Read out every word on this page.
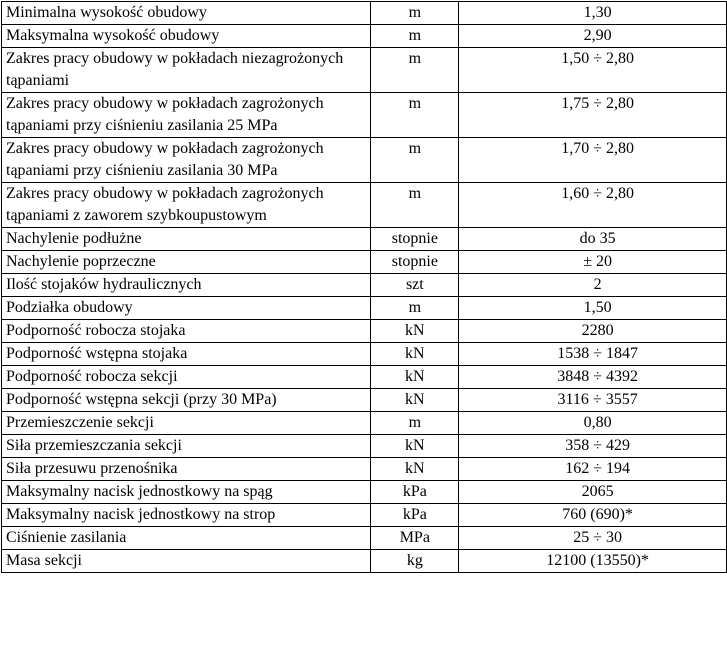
Minimalna wysokość obudowy	m	1,30
Maksymalna wysokość obudowy	m	2,90
Zakres pracy obudowy w pokładach niezagrożonych tąpaniami	m	1,50 ÷ 2,80
Zakres pracy obudowy w pokładach zagrożonych tąpaniami przy ciśnieniu zasilania 25 MPa	m	1,75 ÷ 2,80
Zakres pracy obudowy w pokładach zagrożonych tąpaniami przy ciśnieniu zasilania 30 MPa	m	1,70 ÷ 2,80
Zakres pracy obudowy w pokładach zagrożonych tąpaniami z zaworem szybkoupustowym	m	1,60 ÷ 2,80
Nachylenie podłużne	stopnie	do 35
Nachylenie poprzeczne	stopnie	± 20
Ilość stojaków hydraulicznych	szt	2
Podziałka obudowy	m	1,50
Podporność robocza stojaka	kN	2280
Podporność wstępna stojaka	kN	1538 ÷ 1847
Podporność robocza sekcji	kN	3848 ÷ 4392
Podporność wstępna sekcji (przy 30 MPa)	kN	3116 ÷ 3557
Przemieszczenie sekcji	m	0,80
Siła przemieszczania sekcji	kN	358 ÷ 429
Siła przesuwu przenośnika	kN	162 ÷ 194
Maksymalny nacisk jednostkowy na spąg	kPa	2065
Maksymalny nacisk jednostkowy na strop	kPa	760 (690)*
Ciśnienie zasilania	MPa	25 ÷ 30
Masa sekcji	kg	12100 (13550)*
